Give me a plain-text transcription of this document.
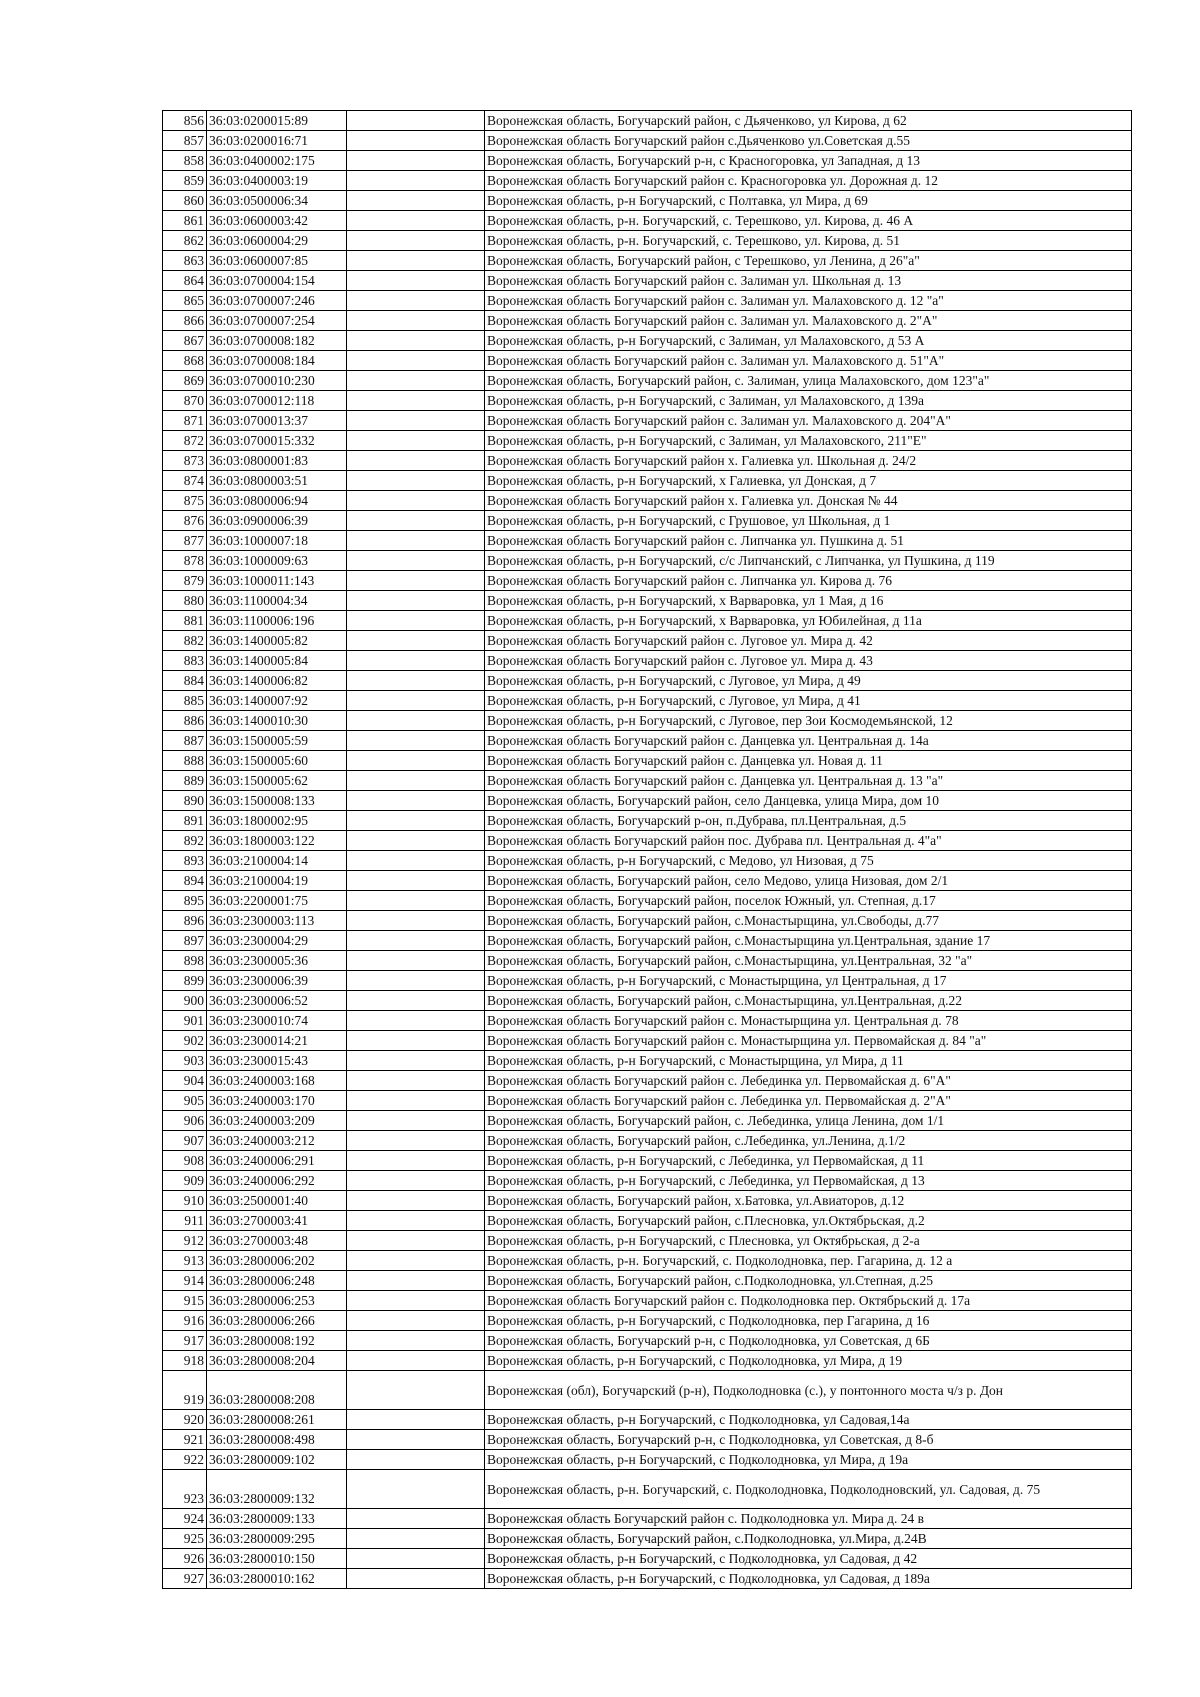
856	36:03:0200015:89		Воронежская область, Богучарский район, с Дьяченково, ул Кирова, д 62
857	36:03:0200016:71		Воронежская область Богучарский район с.Дьяченково ул.Советская д.55
858	36:03:0400002:175		Воронежская область, Богучарский р-н, с Красногоровка, ул Западная, д 13
859	36:03:0400003:19		Воронежская область Богучарский район с. Красногоровка ул. Дорожная д. 12
860	36:03:0500006:34		Воронежская область, р-н Богучарский, с Полтавка, ул Мира, д 69
861	36:03:0600003:42		Воронежская область, р-н. Богучарский, с. Терешково, ул. Кирова, д. 46 А
862	36:03:0600004:29		Воронежская область, р-н. Богучарский, с. Терешково, ул. Кирова, д. 51
863	36:03:0600007:85		Воронежская область, Богучарский район, с Терешково, ул Ленина, д 26"а"
864	36:03:0700004:154		Воронежская область Богучарский район с. Залиман ул. Школьная д. 13
865	36:03:0700007:246		Воронежская область Богучарский район с. Залиман ул. Малаховского д. 12 "а"
866	36:03:0700007:254		Воронежская область Богучарский район с. Залиман ул. Малаховского д. 2"А"
867	36:03:0700008:182		Воронежская область, р-н Богучарский, с Залиман, ул Малаховского, д 53 А
868	36:03:0700008:184		Воронежская область Богучарский район с. Залиман ул. Малаховского д. 51"А"
869	36:03:0700010:230		Воронежская область, Богучарский район, с. Залиман, улица Малаховского, дом 123"а"
870	36:03:0700012:118		Воронежская область, р-н Богучарский, с Залиман, ул Малаховского, д 139а
871	36:03:0700013:37		Воронежская область Богучарский район с. Залиман ул. Малаховского д. 204"А"
872	36:03:0700015:332		Воронежская область, р-н Богучарский, с Залиман, ул Малаховского, 211"Е"
873	36:03:0800001:83		Воронежская область Богучарский район х. Галиевка ул. Школьная д. 24/2
874	36:03:0800003:51		Воронежская область, р-н Богучарский, х Галиевка, ул Донская, д 7
875	36:03:0800006:94		Воронежская область Богучарский район х. Галиевка ул. Донская № 44
876	36:03:0900006:39		Воронежская область, р-н Богучарский, с Грушовое, ул Школьная, д 1
877	36:03:1000007:18		Воронежская область Богучарский район с. Липчанка ул. Пушкина д. 51
878	36:03:1000009:63		Воронежская область, р-н Богучарский, с/с Липчанский, с Липчанка, ул Пушкина, д 119
879	36:03:1000011:143		Воронежская область Богучарский район с. Липчанка ул. Кирова д. 76
880	36:03:1100004:34		Воронежская область, р-н Богучарский, х Варваровка, ул 1 Мая, д 16
881	36:03:1100006:196		Воронежская область, р-н Богучарский, х Варваровка, ул Юбилейная, д 11а
882	36:03:1400005:82		Воронежская область Богучарский район с. Луговое ул. Мира д. 42
883	36:03:1400005:84		Воронежская область Богучарский район с. Луговое ул. Мира д. 43
884	36:03:1400006:82		Воронежская область, р-н Богучарский, с Луговое, ул Мира, д 49
885	36:03:1400007:92		Воронежская область, р-н Богучарский, с Луговое, ул Мира, д 41
886	36:03:1400010:30		Воронежская область, р-н Богучарский, с Луговое, пер Зои Космодемьянской, 12
887	36:03:1500005:59		Воронежская область Богучарский район с. Данцевка ул. Центральная д. 14а
888	36:03:1500005:60		Воронежская область Богучарский район с. Данцевка ул. Новая д. 11
889	36:03:1500005:62		Воронежская область Богучарский район с. Данцевка ул. Центральная д. 13 "а"
890	36:03:1500008:133		Воронежская область, Богучарский район, село Данцевка, улица Мира, дом 10
891	36:03:1800002:95		Воронежская область, Богучарский р-он, п.Дубрава, пл.Центральная, д.5
892	36:03:1800003:122		Воронежская область Богучарский район пос. Дубрава пл. Центральная д. 4"а"
893	36:03:2100004:14		Воронежская область, р-н Богучарский, с Медово, ул Низовая, д 75
894	36:03:2100004:19		Воронежская область, Богучарский район, село Медово, улица Низовая, дом 2/1
895	36:03:2200001:75		Воронежская область, Богучарский район, поселок Южный, ул. Степная, д.17
896	36:03:2300003:113		Воронежская область, Богучарский район, с.Монастырщина, ул.Свободы, д.77
897	36:03:2300004:29		Воронежская область, Богучарский район, с.Монастырщина ул.Центральная, здание 17
898	36:03:2300005:36		Воронежская область, Богучарский район, с.Монастырщина, ул.Центральная, 32 "а"
899	36:03:2300006:39		Воронежская область, р-н Богучарский, с Монастырщина, ул Центральная, д 17
900	36:03:2300006:52		Воронежская область, Богучарский район, с.Монастырщина, ул.Центральная, д.22
901	36:03:2300010:74		Воронежская область Богучарский район с. Монастырщина ул. Центральная д. 78
902	36:03:2300014:21		Воронежская область Богучарский район с. Монастырщина ул. Первомайская д. 84 "а"
903	36:03:2300015:43		Воронежская область, р-н Богучарский, с Монастырщина, ул Мира, д 11
904	36:03:2400003:168		Воронежская область Богучарский район с. Лебединка ул. Первомайская д. 6"А"
905	36:03:2400003:170		Воронежская область Богучарский район с. Лебединка ул. Первомайская д. 2"А"
906	36:03:2400003:209		Воронежская область, Богучарский район, с. Лебединка, улица Ленина, дом 1/1
907	36:03:2400003:212		Воронежская область, Богучарский район, с.Лебединка, ул.Ленина, д.1/2
908	36:03:2400006:291		Воронежская область, р-н Богучарский, с Лебединка, ул Первомайская, д 11
909	36:03:2400006:292		Воронежская область, р-н Богучарский, с Лебединка, ул Первомайская, д 13
910	36:03:2500001:40		Воронежская область, Богучарский район, х.Батовка, ул.Авиаторов, д.12
911	36:03:2700003:41		Воронежская область, Богучарский район, с.Плесновка, ул.Октябрьская, д.2
912	36:03:2700003:48		Воронежская область, р-н Богучарский, с Плесновка, ул Октябрьская, д 2-а
913	36:03:2800006:202		Воронежская область, р-н. Богучарский, с. Подколодновка, пер. Гагарина, д. 12 а
914	36:03:2800006:248		Воронежская область, Богучарский район, с.Подколодновка, ул.Степная, д.25
915	36:03:2800006:253		Воронежская область Богучарский район с. Подколодновка пер. Октябрьский д. 17а
916	36:03:2800006:266		Воронежская область, р-н Богучарский, с Подколодновка, пер Гагарина, д 16
917	36:03:2800008:192		Воронежская область, Богучарский р-н, с Подколодновка, ул Советская, д 6Б
918	36:03:2800008:204		Воронежская область, р-н Богучарский, с Подколодновка, ул Мира, д 19
919	36:03:2800008:208		Воронежская (обл), Богучарский (р-н), Подколодновка (с.), у понтонного моста ч/з р. Дон
920	36:03:2800008:261		Воронежская область, р-н Богучарский, с Подколодновка, ул Садовая,14а
921	36:03:2800008:498		Воронежская область, Богучарский р-н, с Подколодновка, ул Советская, д 8-б
922	36:03:2800009:102		Воронежская область, р-н Богучарский, с Подколодновка, ул Мира, д 19а
923	36:03:2800009:132		Воронежская область, р-н. Богучарский, с. Подколодновка, Подколодновский, ул. Садовая, д. 75
924	36:03:2800009:133		Воронежская область Богучарский район с. Подколодновка ул. Мира д. 24 в
925	36:03:2800009:295		Воронежская область, Богучарский район, с.Подколодновка, ул.Мира, д.24В
926	36:03:2800010:150		Воронежская область, р-н Богучарский, с Подколодновка, ул Садовая, д 42
927	36:03:2800010:162		Воронежская область, р-н Богучарский, с Подколодновка, ул Садовая, д 189а
